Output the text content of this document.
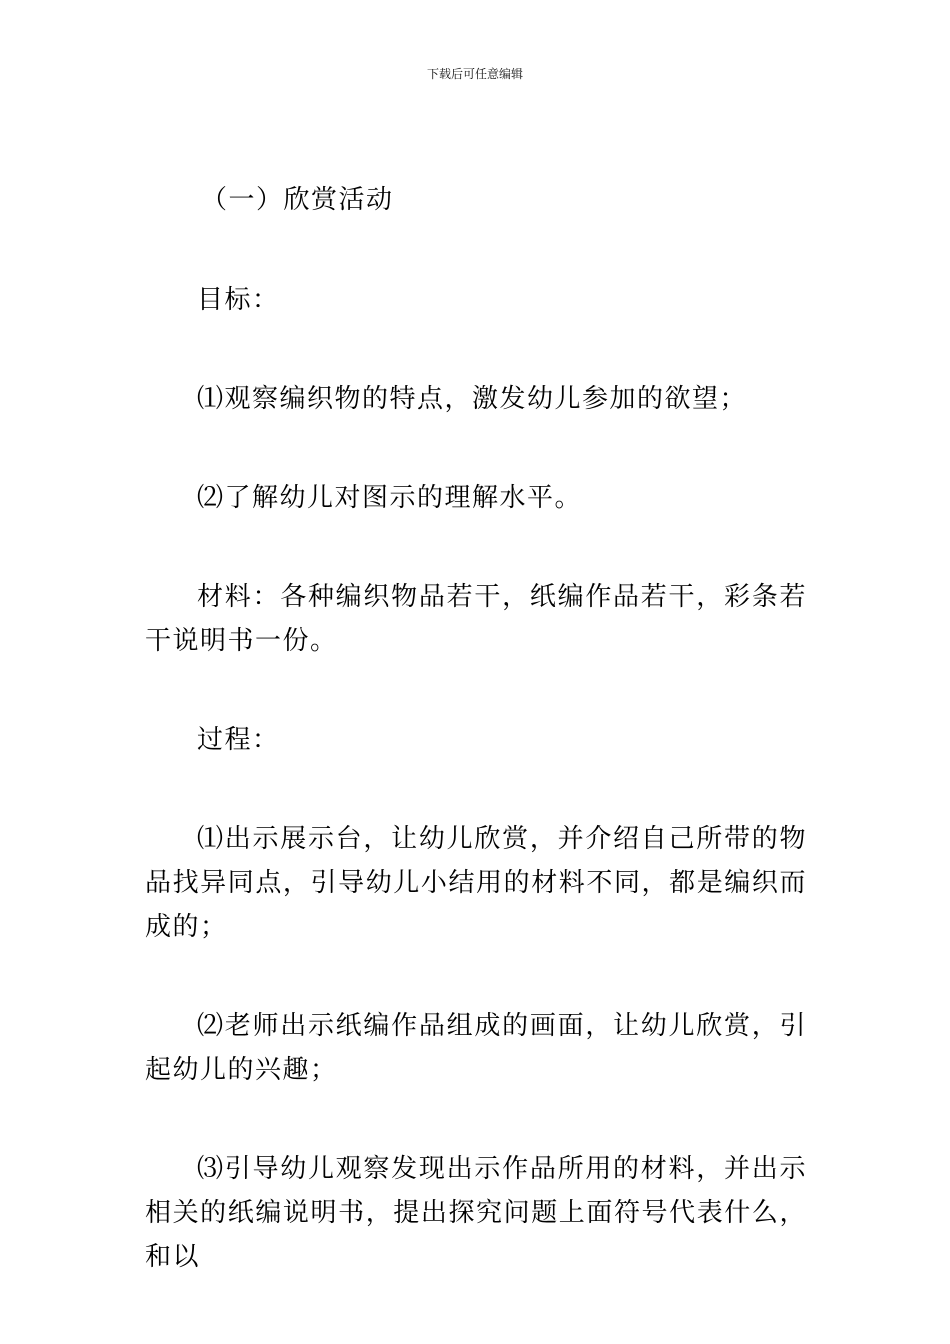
下载后可任意编辑

（一）欣赏活动

目标：

⑴观察编织物的特点，激发幼儿参加的欲望；

⑵了解幼儿对图示的理解水平。

材料：各种编织物品若干，纸编作品若干，彩条若干说明书一份。

过程：

⑴出示展示台，让幼儿欣赏，并介绍自己所带的物品找异同点，引导幼儿小结用的材料不同，都是编织而成的；

⑵老师出示纸编作品组成的画面，让幼儿欣赏，引起幼儿的兴趣；

⑶引导幼儿观察发现出示作品所用的材料，并出示相关的纸编说明书，提出探究问题上面符号代表什么，和以
